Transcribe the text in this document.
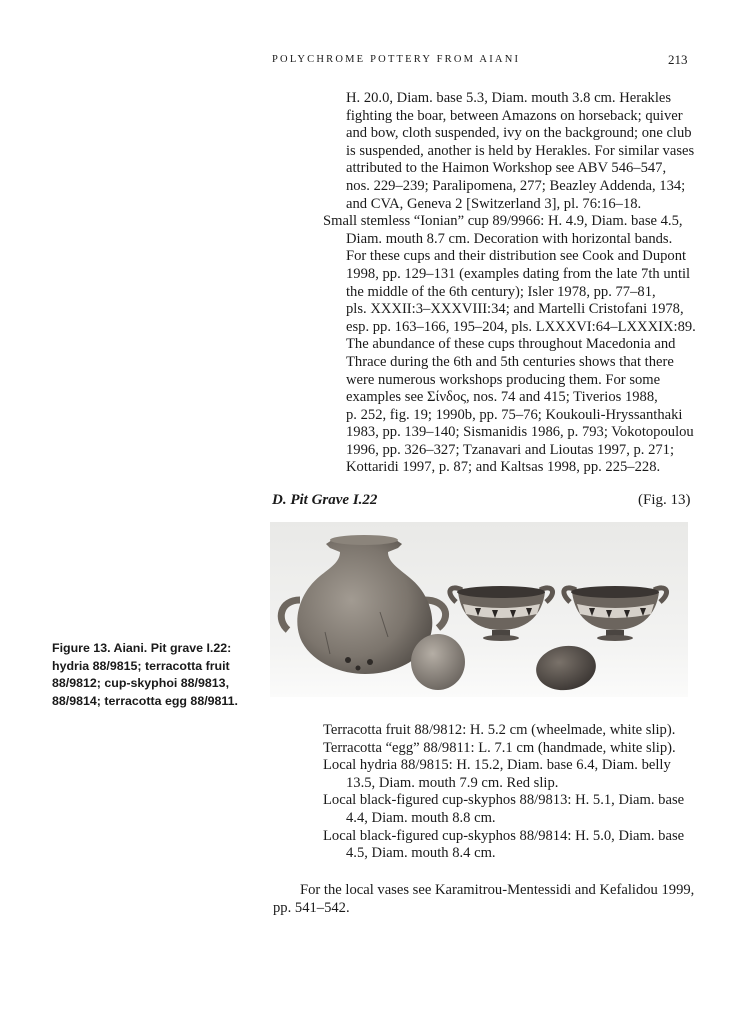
POLYCHROME POTTERY FROM AIANI	213
H. 20.0, Diam. base 5.3, Diam. mouth 3.8 cm. Herakles
fighting the boar, between Amazons on horseback; quiver
and bow, cloth suspended, ivy on the background; one club
is suspended, another is held by Herakles. For similar vases
attributed to the Haimon Workshop see ABV 546–547,
nos. 229–239; Paralipomena, 277; Beazley Addenda, 134;
and CVA, Geneva 2 [Switzerland 3], pl. 76:16–18.
Small stemless “Ionian” cup 89/9966: H. 4.9, Diam. base 4.5,
Diam. mouth 8.7 cm. Decoration with horizontal bands.
For these cups and their distribution see Cook and Dupont
1998, pp. 129–131 (examples dating from the late 7th until
the middle of the 6th century); Isler 1978, pp. 77–81,
pls. XXXII:3–XXXVIII:34; and Martelli Cristofani 1978,
esp. pp. 163–166, 195–204, pls. LXXXVI:64–LXXXIX:89.
The abundance of these cups throughout Macedonia and
Thrace during the 6th and 5th centuries shows that there
were numerous workshops producing them. For some
examples see Σίνδος, nos. 74 and 415; Tiverios 1988,
p. 252, fig. 19; 1990b, pp. 75–76; Koukouli-Hryssanthaki
1983, pp. 139–140; Sismanidis 1986, p. 793; Vokotopoulou
1996, pp. 326–327; Tzanavari and Lioutas 1997, p. 271;
Kottaridi 1997, p. 87; and Kaltsas 1998, pp. 225–228.
D. Pit Grave I.22	(Fig. 13)
Figure 13. Aiani. Pit grave I.22:
hydria 88/9815; terracotta fruit
88/9812; cup-skyphoi 88/9813,
88/9814; terracotta egg 88/9811.
Terracotta fruit 88/9812: H. 5.2 cm (wheelmade, white slip).
Terracotta “egg” 88/9811: L. 7.1 cm (handmade, white slip).
Local hydria 88/9815: H. 15.2, Diam. base 6.4, Diam. belly
13.5, Diam. mouth 7.9 cm. Red slip.
Local black-figured cup-skyphos 88/9813: H. 5.1, Diam. base
4.4, Diam. mouth 8.8 cm.
Local black-figured cup-skyphos 88/9814: H. 5.0, Diam. base
4.5, Diam. mouth 8.4 cm.
For the local vases see Karamitrou-Mentessidi and Kefalidou 1999,
pp. 541–542.
